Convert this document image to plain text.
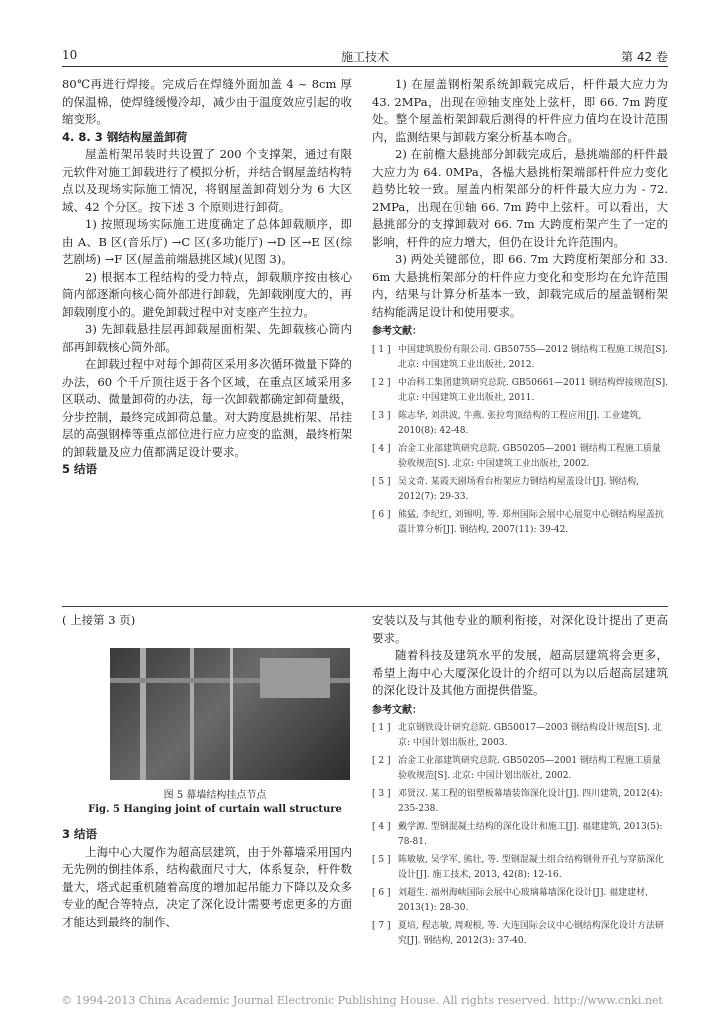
10	施工技术	第 42 卷

80℃再进行焊接。完成后在焊缝外面加盖 4 ~ 8cm 厚的保温棉，使焊缝缓慢冷却，减少由于温度效应引起的收缩变形。

4. 8. 3 钢结构屋盖卸荷

屋盖桁架吊装时共设置了 200 个支撑架，通过有限元软件对施工卸载进行了模拟分析，并结合钢屋盖结构特点以及现场实际施工情况，将钢屋盖卸荷划分为 6 大区域、42 个分区。按下述 3 个原则进行卸荷。

1) 按照现场实际施工进度确定了总体卸载顺序，即由 A、B 区(音乐厅) →C 区(多功能厅) →D 区→E 区(综艺剧场) →F 区(屋盖前端悬挑区域)(见图 3)。

2) 根据本工程结构的受力特点，卸载顺序按由核心筒内部逐渐向核心筒外部进行卸载，先卸载刚度大的，再卸载刚度小的。避免卸载过程中对支座产生拉力。

3) 先卸载悬挂层再卸载屋面桁架、先卸载核心筒内部再卸载核心筒外部。

在卸载过程中对每个卸荷区采用多次循环微量下降的办法，60 个千斤顶往返于各个区域，在重点区域采用多区联动、微量卸荷的办法，每一次卸载都确定卸荷量级，分步控制，最终完成卸荷总量。对大跨度悬挑桁架、吊挂层的高强钢棒等重点部位进行应力应变的监测，最终桁架的卸载量及应力值都满足设计要求。

5 结语

1) 在屋盖钢桁架系统卸载完成后，杆件最大应力为 43. 2MPa，出现在⑩轴支座处上弦杆，即 66. 7m 跨度处。整个屋盖桁架卸载后测得的杆件应力值均在设计范围内，监测结果与卸载方案分析基本吻合。

2) 在前檐大悬挑部分卸载完成后，悬挑端部的杆件最大应力为 64. 0MPa，各榀大悬挑桁架端部杆件应力变化趋势比较一致。屋盖内桁架部分的杆件最大应力为 - 72. 2MPa，出现在⑪轴 66. 7m 跨中上弦杆。可以看出，大悬挑部分的支撑卸载对 66. 7m 大跨度桁架产生了一定的影响，杆件的应力增大，但仍在设计允许范围内。

3) 两处关键部位，即 66. 7m 大跨度桁架部分和 33. 6m 大悬挑桁架部分的杆件应力变化和变形均在允许范围内，结果与计算分析基本一致，卸载完成后的屋盖钢桁架结构能满足设计和使用要求。

参考文献：
[ 1 ] 中国建筑股份有限公司. GB50755—2012 钢结构工程施工规范[S]. 北京: 中国建筑工业出版社, 2012.
[ 2 ] 中冶科工集团建筑研究总院. GB50661—2011 钢结构焊接规范[S]. 北京: 中国建筑工业出版社, 2011.
[ 3 ] 陈志华, 刘洪波, 牛燕. 张拉弯顶结构的工程应用[J]. 工业建筑, 2010(8): 42-48.
[ 4 ] 冶金工业部建筑研究总院. GB50205—2001 钢结构工程施工质量验收规范[S]. 北京: 中国建筑工业出版社, 2002.
[ 5 ] 吴文奇. 某霞天剧场看台桁架应力钢结构屋盖设计[J]. 钢结构, 2012(7): 29-33.
[ 6 ] 熊猛, 李纪红, 刘锡明, 等. 郑州国际会展中心展览中心钢结构屋盖抗震计算分析[J]. 钢结构, 2007(11): 39-42.
( 上接第 3 页)
图 5 幕墙结构挂点节点
Fig. 5 Hanging joint of curtain wall structure
3 结语

上海中心大厦作为超高层建筑，由于外幕墙采用国内无先例的倒挂体系，结构截面尺寸大，体系复杂，杆件数量大，塔式起重机随着高度的增加起吊能力下降以及众多专业的配合等特点，决定了深化设计需要考虑更多的方面才能达到最终的制作、

安装以及与其他专业的顺利衔接，对深化设计提出了更高要求。

随着科技及建筑水平的发展，超高层建筑将会更多，希望上海中心大厦深化设计的介绍可以为以后超高层建筑的深化设计及其他方面提供借鉴。

参考文献：
[ 1 ] 北京钢铁设计研究总院. GB50017—2003 钢结构设计规范[S]. 北京: 中国计划出版社, 2003.
[ 2 ] 冶金工业部建筑研究总院. GB50205—2001 钢结构工程施工质量验收规范[S]. 北京: 中国计划出版社, 2002.
[ 3 ] 邓贤汉. 某工程的铝塑板幕墙装饰深化设计[J]. 四川建筑, 2012(4): 235-238.
[ 4 ] 戴学源. 型钢混凝土结构的深化设计和施工[J]. 福建建筑, 2013(5): 78-81.
[ 5 ] 陈敏敏, 吴学军, 熊壮, 等. 型钢混凝土组合结构钢骨开孔与穿筋深化设计[J]. 施工技术, 2013, 42(8): 12-16.
[ 6 ] 刘超生. 福州海峡国际会展中心玻璃幕墙深化设计[J]. 福建建材, 2013(1): 28-30.
[ 7 ] 夏培, 程志敏, 周观根, 等. 大连国际会议中心钢结构深化设计方法研究[J]. 钢结构, 2012(3): 37-40.
© 1994-2013 China Academic Journal Electronic Publishing House. All rights reserved. http://www.cnki.net
